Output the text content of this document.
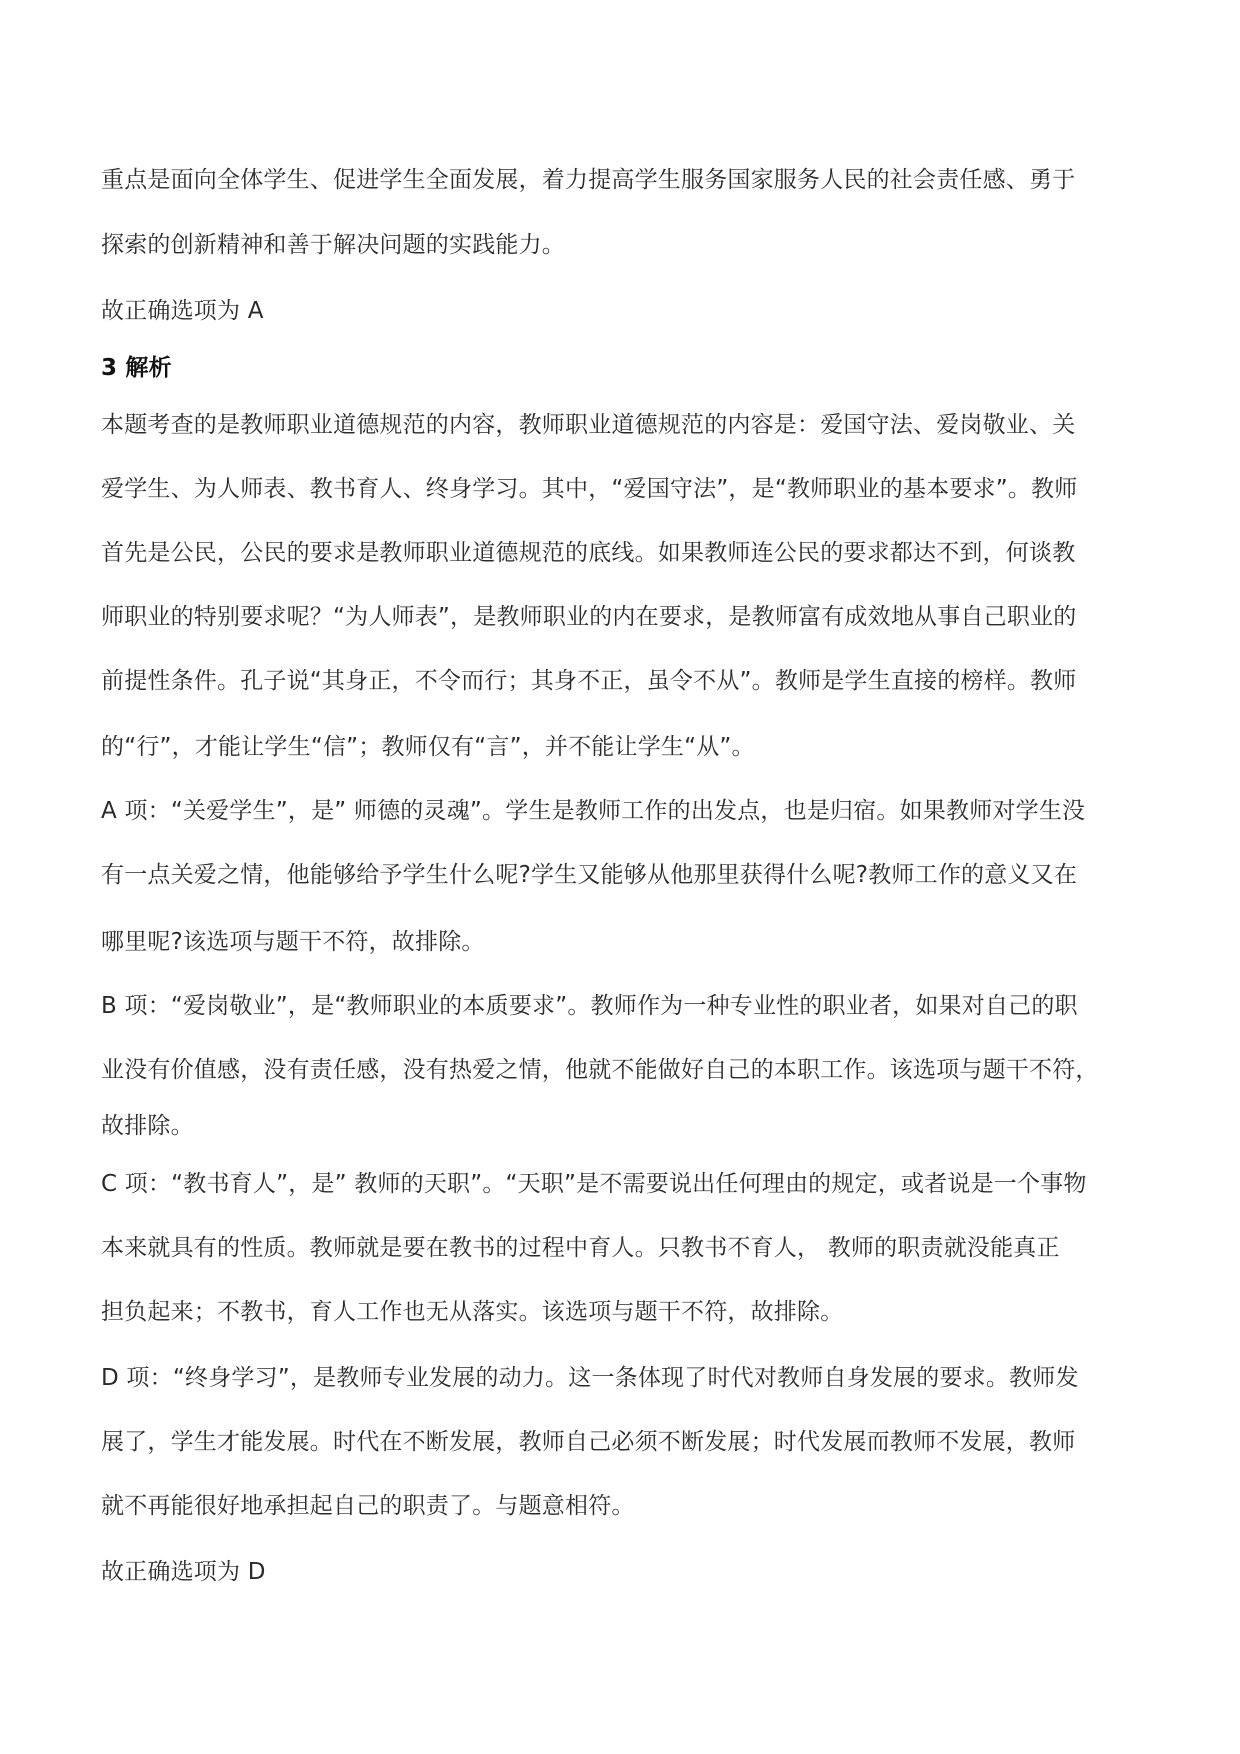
重点是面向全体学生、促进学生全面发展，着力提高学生服务国家服务人民的社会责任感、勇于
探索的创新精神和善于解决问题的实践能力。
故正确选项为 A
3 解析
本题考查的是教师职业道德规范的内容，教师职业道德规范的内容是：爱国守法、爱岗敬业、关
爱学生、为人师表、教书育人、终身学习。其中，“爱国守法”，是“教师职业的基本要求”。教师
首先是公民，公民的要求是教师职业道德规范的底线。如果教师连公民的要求都达不到，何谈教
师职业的特别要求呢？“为人师表”，是教师职业的内在要求，是教师富有成效地从事自己职业的
前提性条件。孔子说“其身正，不令而行；其身不正，虽令不从”。教师是学生直接的榜样。教师
的“行”，才能让学生“信”；教师仅有“言”，并不能让学生“从”。
A 项：“关爱学生”，是” 师德的灵魂”。学生是教师工作的出发点，也是归宿。如果教师对学生没
有一点关爱之情，他能够给予学生什么呢?学生又能够从他那里获得什么呢?教师工作的意义又在
哪里呢?该选项与题干不符，故排除。
B 项：“爱岗敬业”，是“教师职业的本质要求”。教师作为一种专业性的职业者，如果对自己的职
业没有价值感，没有责任感，没有热爱之情，他就不能做好自己的本职工作。该选项与题干不符，
故排除。
C 项：“教书育人”，是” 教师的天职”。“天职”是不需要说出任何理由的规定，或者说是一个事物
本来就具有的性质。教师就是要在教书的过程中育人。只教书不育人， 教师的职责就没能真正
担负起来；不教书，育人工作也无从落实。该选项与题干不符，故排除。
D 项：“终身学习”，是教师专业发展的动力。这一条体现了时代对教师自身发展的要求。教师发
展了，学生才能发展。时代在不断发展，教师自己必须不断发展；时代发展而教师不发展，教师
就不再能很好地承担起自己的职责了。与题意相符。
故正确选项为 D
